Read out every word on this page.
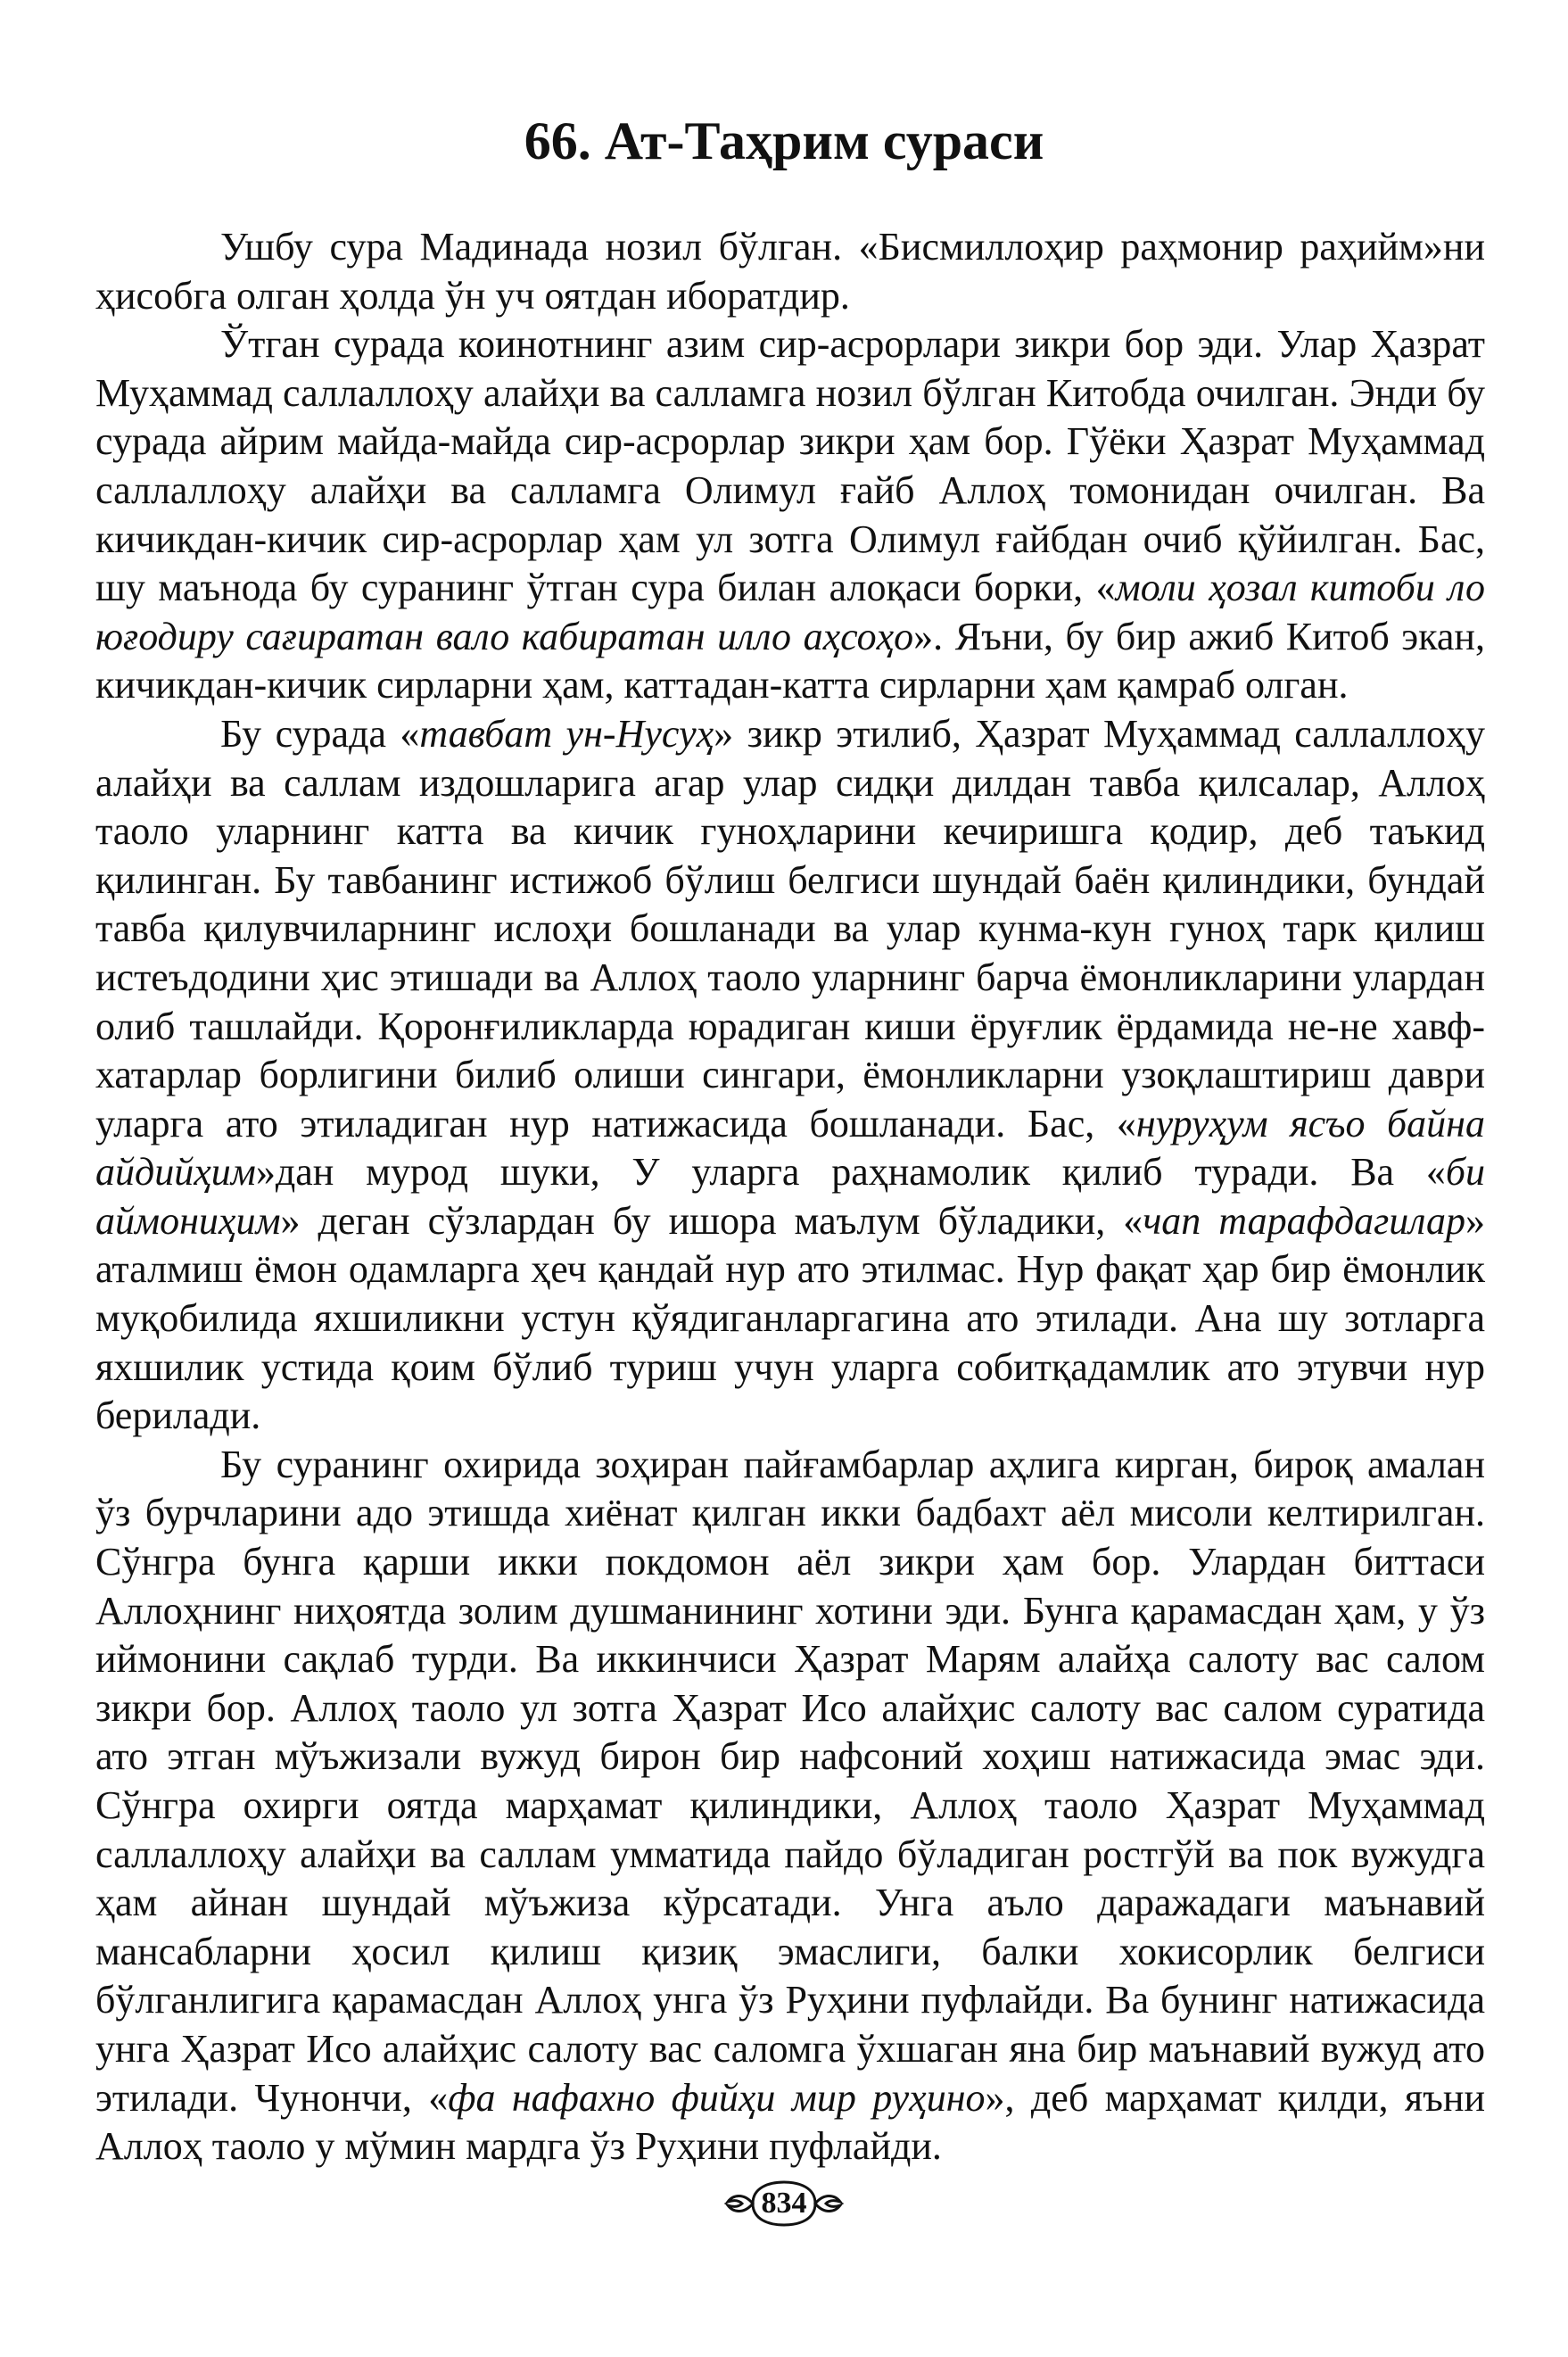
66. Ат-Таҳрим сураси

Ушбу сура Мадинада нозил бўлган. «Бисмиллоҳир раҳмонир раҳийм»ни ҳисобга олган ҳолда ўн уч оятдан иборатдир.

Ўтган сурада коинотнинг азим сир-асрорлари зикри бор эди. Улар Ҳазрат Муҳаммад саллаллоҳу алайҳи ва салламга нозил бўлган Китобда очилган. Энди бу сурада айрим майда-майда сир-асрорлар зикри ҳам бор. Гўёки Ҳазрат Муҳаммад саллаллоҳу алайҳи ва салламга Олимул ғайб Аллоҳ томонидан очилган. Ва кичикдан-кичик сир-асрорлар ҳам ул зотга Олимул ғайбдан очиб қўйилган. Бас, шу маънода бу суранинг ўтган сура билан алоқаси борки, «моли ҳозал китоби ло юғодиру сағиратан вало кабиратан илло аҳсоҳо». Яъни, бу бир ажиб Китоб экан, кичикдан-кичик сирларни ҳам, каттадан-катта сирларни ҳам қамраб олган.

Бу сурада «тавбат ун-Нусуҳ» зикр этилиб, Ҳазрат Муҳаммад саллаллоҳу алайҳи ва саллам издошларига агар улар сидқи дилдан тавба қилсалар, Аллоҳ таоло уларнинг катта ва кичик гуноҳларини кечиришга қодир, деб таъкид қилинган. Бу тавбанинг истижоб бўлиш белгиси шундай баён қилиндики, бундай тавба қилувчиларнинг ислоҳи бошланади ва улар кунма-кун гуноҳ тарк қилиш истеъдодини ҳис этишади ва Аллоҳ таоло уларнинг барча ёмонликларини улардан олиб ташлайди. Қоронғиликларда юрадиган киши ёруғлик ёрдамида не-не хавф-хатарлар борлигини билиб олиши сингари, ёмонликларни узоқлаштириш даври уларга ато этиладиган нур натижасида бошланади. Бас, «нуруҳум ясъо байна айдийҳим»дан мурод шуки, У уларга раҳнамолик қилиб туради. Ва «би аймониҳим» деган сўзлардан бу ишора маълум бўладики, «чап тарафдагилар» аталмиш ёмон одамларга ҳеч қандай нур ато этилмас. Нур фақат ҳар бир ёмонлик муқобилида яхшиликни устун қўядиганларгагина ато этилади. Ана шу зотларга яхшилик устида қоим бўлиб туриш учун уларга собитқадамлик ато этувчи нур берилади.

Бу суранинг охирида зоҳиран пайғамбарлар аҳлига кирган, бироқ амалан ўз бурчларини адо этишда хиёнат қилган икки бадбахт аёл мисоли келтирилган. Сўнгра бунга қарши икки покдомон аёл зикри ҳам бор. Улардан биттаси Аллоҳнинг ниҳоятда золим душманининг хотини эди. Бунга қарамасдан ҳам, у ўз иймонини сақлаб турди. Ва иккинчиси Ҳазрат Марям алайҳа салоту вас салом зикри бор. Аллоҳ таоло ул зотга Ҳазрат Исо алайҳис салоту вас салом суратида ато этган мўъжизали вужуд бирон бир нафсоний хоҳиш натижасида эмас эди. Сўнгра охирги оятда марҳамат қилиндики, Аллоҳ таоло Ҳазрат Муҳаммад саллаллоҳу алайҳи ва саллам умматида пайдо бўладиган ростгўй ва пок вужудга ҳам айнан шундай мўъжиза кўрсатади. Унга аъло даражадаги маънавий мансабларни ҳосил қилиш қизиқ эмаслиги, балки хокисорлик белгиси бўлганлигига қарамасдан Аллоҳ унга ўз Руҳини пуфлайди. Ва бунинг натижасида унга Ҳазрат Исо алайҳис салоту вас саломга ўхшаган яна бир маънавий вужуд ато этилади. Чунончи, «фа нафахно фийҳи мир руҳино», деб марҳамат қилди, яъни Аллоҳ таоло у мўмин мардга ўз Руҳини пуфлайди.

834
